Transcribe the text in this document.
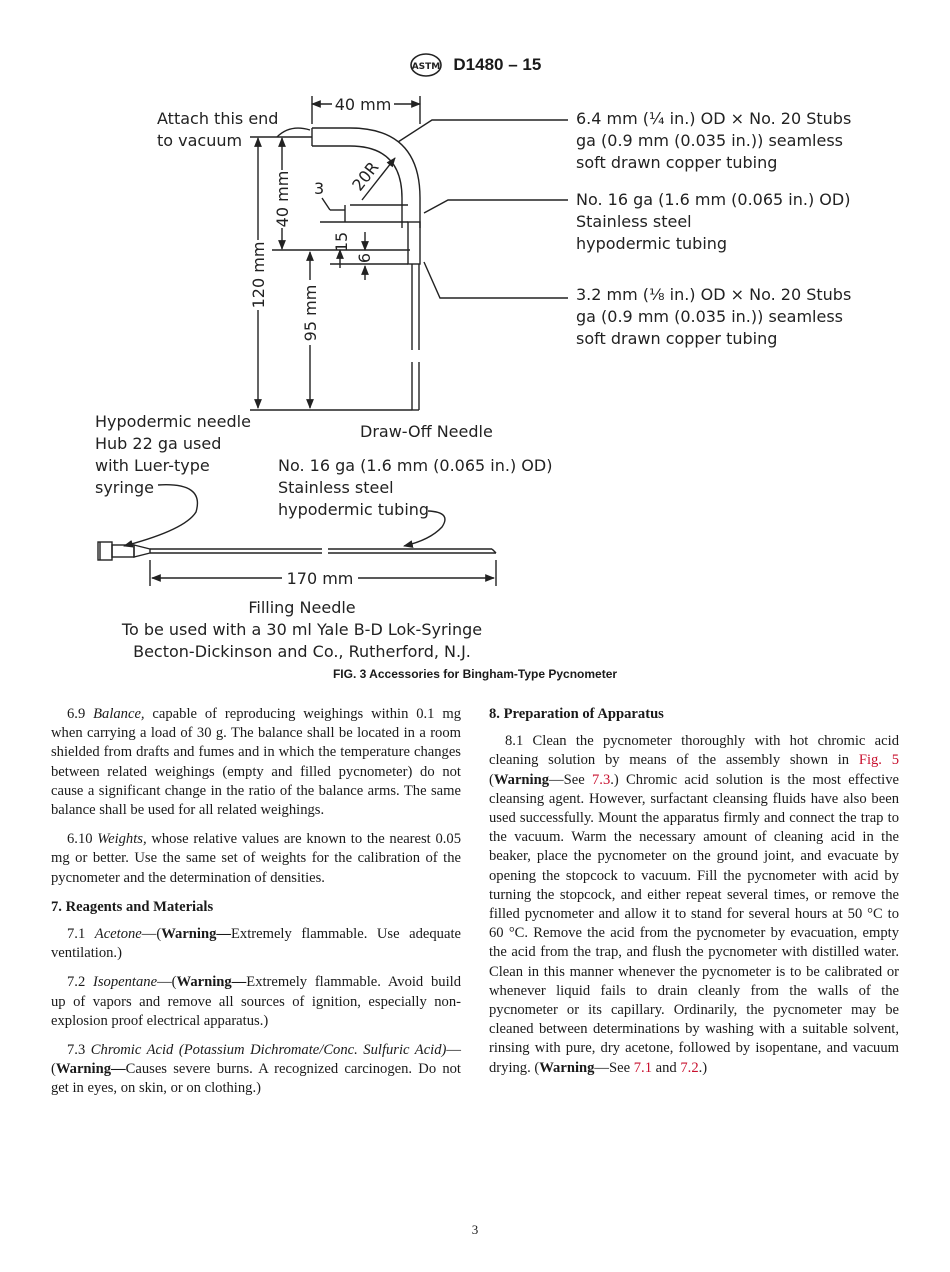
ASTM D1480 – 15
Attach this end
to vacuum
40 mm
120 mm
40 mm
95 mm
3 20R
15
6
6.4 mm (¼ in.) OD × No. 20 Stubs
ga (0.9 mm (0.035 in.)) seamless
soft drawn copper tubing
No. 16 ga (1.6 mm (0.065 in.) OD)
Stainless steel
hypodermic tubing
3.2 mm (⅛ in.) OD × No. 20 Stubs
ga (0.9 mm (0.035 in.)) seamless
soft drawn copper tubing
Draw-Off Needle
Hypodermic needle
Hub 22 ga used
with Luer-type
syringe
No. 16 ga (1.6 mm (0.065 in.) OD)
Stainless steel
hypodermic tubing
170 mm
Filling Needle
To be used with a 30 ml Yale B-D Lok-Syringe
Becton-Dickinson and Co., Rutherford, N.J.
FIG. 3 Accessories for Bingham-Type Pycnometer

6.9 Balance, capable of reproducing weighings within 0.1 mg when carrying a load of 30 g. The balance shall be located in a room shielded from drafts and fumes and in which the temperature changes between related weighings (empty and filled pycnometer) do not cause a significant change in the ratio of the balance arms. The same balance shall be used for all related weighings.

6.10 Weights, whose relative values are known to the nearest 0.05 mg or better. Use the same set of weights for the calibration of the pycnometer and the determination of densities.

7. Reagents and Materials

7.1 Acetone—(Warning—Extremely flammable. Use adequate ventilation.)

7.2 Isopentane—(Warning—Extremely flammable. Avoid build up of vapors and remove all sources of ignition, especially non-explosion proof electrical apparatus.)

7.3 Chromic Acid (Potassium Dichromate/Conc. Sulfuric Acid)—(Warning—Causes severe burns. A recognized carcinogen. Do not get in eyes, on skin, or on clothing.)

8. Preparation of Apparatus

8.1 Clean the pycnometer thoroughly with hot chromic acid cleaning solution by means of the assembly shown in Fig. 5 (Warning—See 7.3.) Chromic acid solution is the most effective cleansing agent. However, surfactant cleansing fluids have also been used successfully. Mount the apparatus firmly and connect the trap to the vacuum. Warm the necessary amount of cleaning acid in the beaker, place the pycnometer on the ground joint, and evacuate by opening the stopcock to vacuum. Fill the pycnometer with acid by turning the stopcock, and either repeat several times, or remove the filled pycnometer and allow it to stand for several hours at 50 °C to 60 °C. Remove the acid from the pycnometer by evacuation, empty the acid from the trap, and flush the pycnometer with distilled water. Clean in this manner whenever the pycnometer is to be calibrated or whenever liquid fails to drain cleanly from the walls of the pycnometer or its capillary. Ordinarily, the pycnometer may be cleaned between determinations by washing with a suitable solvent, rinsing with pure, dry acetone, followed by isopentane, and vacuum drying. (Warning—See 7.1 and 7.2.)

3
